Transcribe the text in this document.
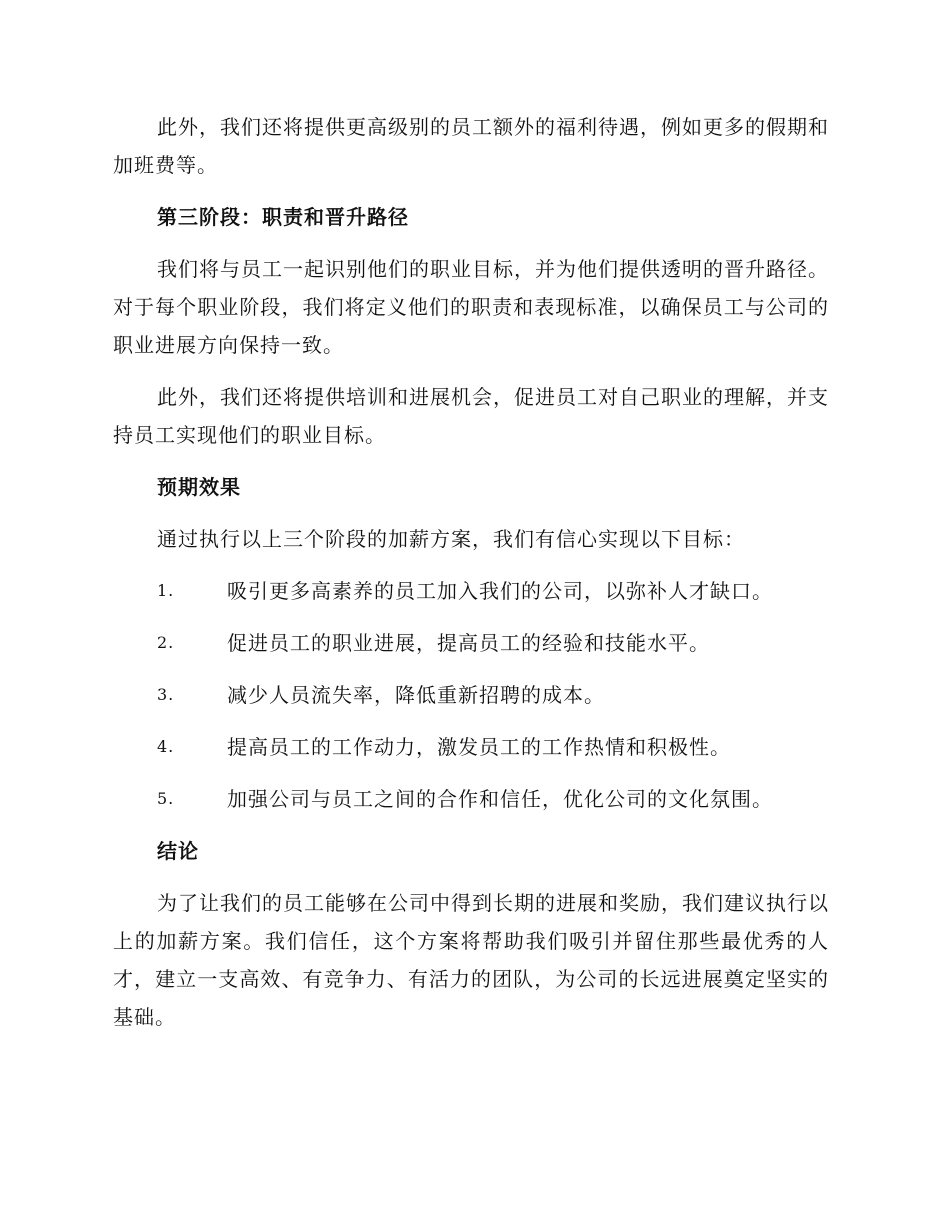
此外，我们还将提供更高级别的员工额外的福利待遇，例如更多的假期和加班费等。

第三阶段：职责和晋升路径

我们将与员工一起识别他们的职业目标，并为他们提供透明的晋升路径。对于每个职业阶段，我们将定义他们的职责和表现标准，以确保员工与公司的职业进展方向保持一致。

此外，我们还将提供培训和进展机会，促进员工对自己职业的理解，并支持员工实现他们的职业目标。

预期效果

通过执行以上三个阶段的加薪方案，我们有信心实现以下目标：

1.	吸引更多高素养的员工加入我们的公司，以弥补人才缺口。
2.	促进员工的职业进展，提高员工的经验和技能水平。
3.	减少人员流失率，降低重新招聘的成本。
4.	提高员工的工作动力，激发员工的工作热情和积极性。
5.	加强公司与员工之间的合作和信任，优化公司的文化氛围。
结论

为了让我们的员工能够在公司中得到长期的进展和奖励，我们建议执行以上的加薪方案。我们信任，这个方案将帮助我们吸引并留住那些最优秀的人才，建立一支高效、有竞争力、有活力的团队，为公司的长远进展奠定坚实的基础。
